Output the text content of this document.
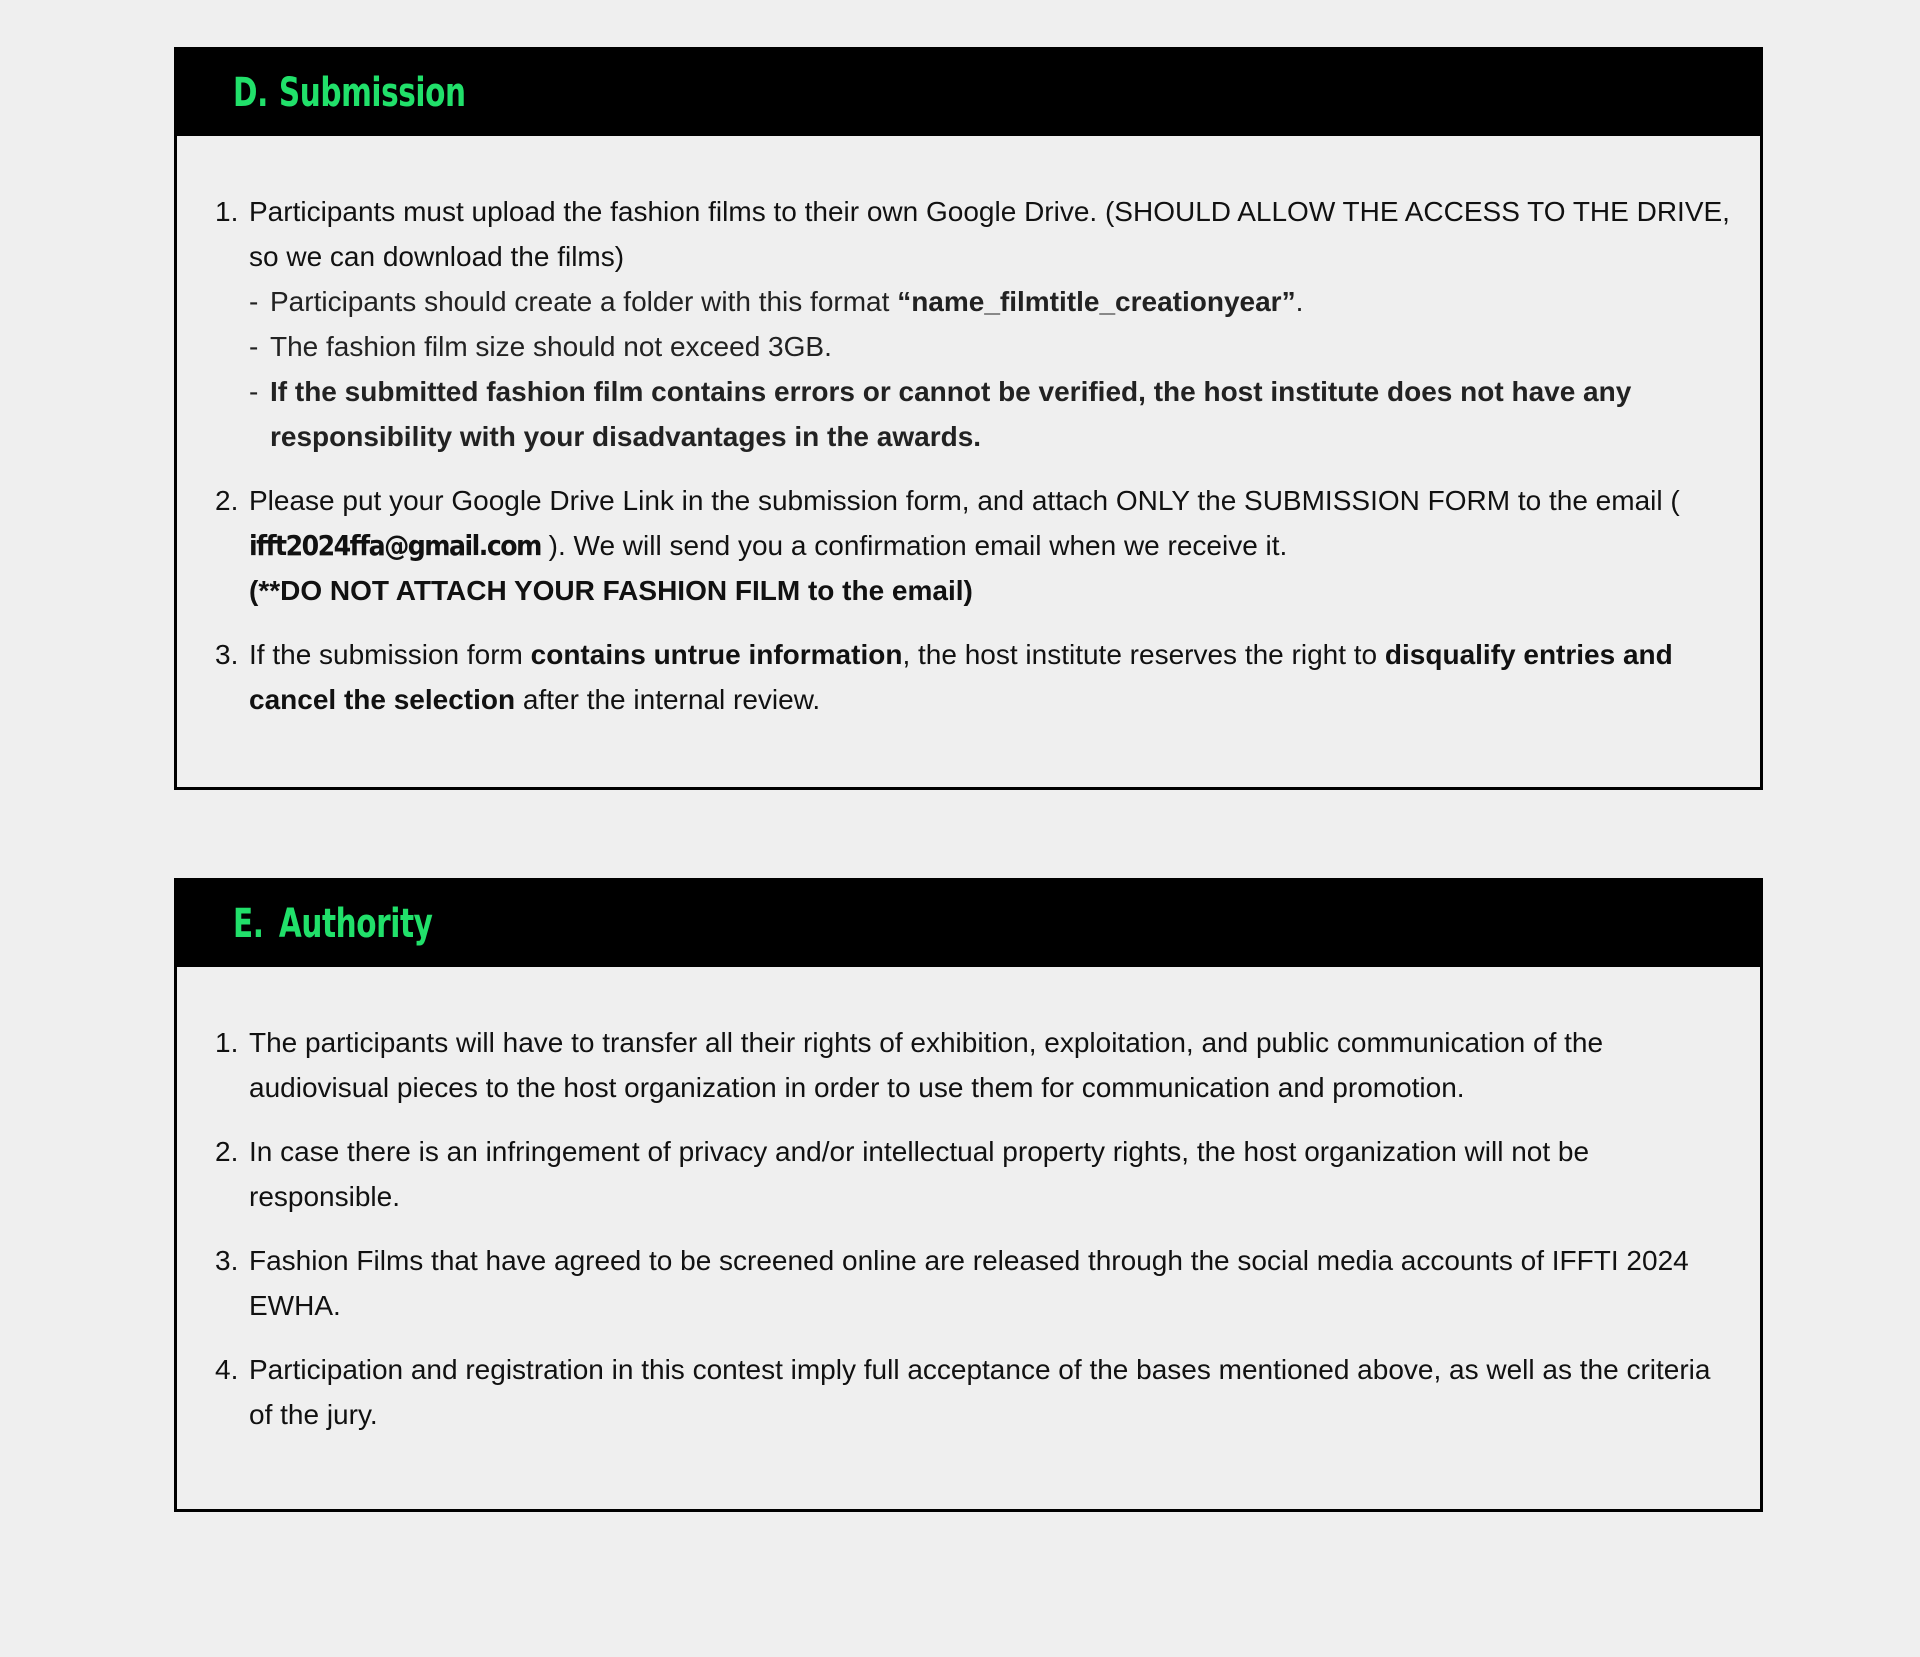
D. Submission
1. Participants must upload the fashion films to their own Google Drive. (SHOULD ALLOW THE ACCESS TO THE DRIVE, so we can download the films)
- Participants should create a folder with this format “name_filmtitle_creationyear”.
- The fashion film size should not exceed 3GB.
- If the submitted fashion film contains errors or cannot be verified, the host institute does not have any responsibility with your disadvantages in the awards.
2. Please put your Google Drive Link in the submission form, and attach ONLY the SUBMISSION FORM to the email ( ifft2024ffa@gmail.com ). We will send you a confirmation email when we receive it.
(**DO NOT ATTACH YOUR FASHION FILM to the email)
3. If the submission form contains untrue information, the host institute reserves the right to disqualify entries and cancel the selection after the internal review.
E. Authority
1. The participants will have to transfer all their rights of exhibition, exploitation, and public communication of the audiovisual pieces to the host organization in order to use them for communication and promotion.
2. In case there is an infringement of privacy and/or intellectual property rights, the host organization will not be responsible.
3. Fashion Films that have agreed to be screened online are released through the social media accounts of IFFTI 2024 EWHA.
4. Participation and registration in this contest imply full acceptance of the bases mentioned above, as well as the criteria of the jury.
